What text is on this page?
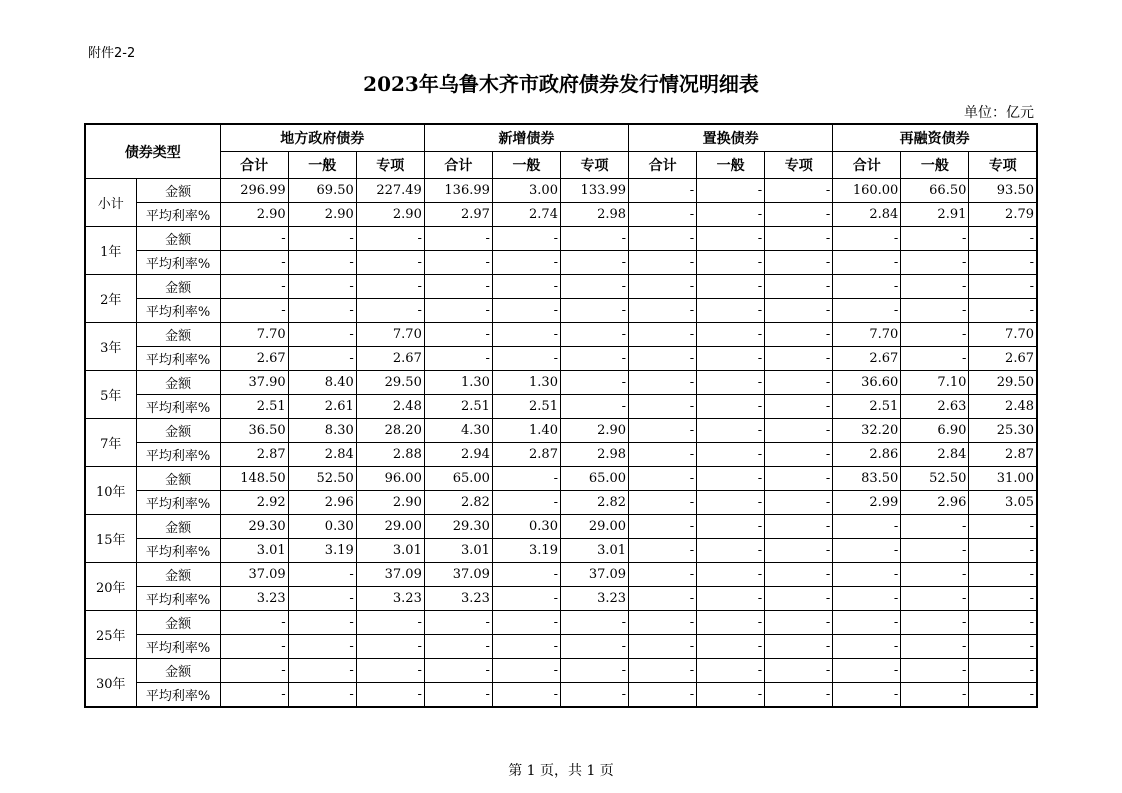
附件2-2
2023年乌鲁木齐市政府债券发行情况明细表
单位：亿元
债券类型		地方政府债券			新增债券			置换债券			再融资债券		
		合计	一般	专项	合计	一般	专项	合计	一般	专项	合计	一般	专项
小计	金额	296.99	69.50	227.49	136.99	3.00	133.99	-	-	-	160.00	66.50	93.50
	平均利率%	2.90	2.90	2.90	2.97	2.74	2.98	-	-	-	2.84	2.91	2.79
1年	金额	-	-	-	-	-	-	-	-	-	-	-	-
	平均利率%	-	-	-	-	-	-	-	-	-	-	-	-
2年	金额	-	-	-	-	-	-	-	-	-	-	-	-
	平均利率%	-	-	-	-	-	-	-	-	-	-	-	-
3年	金额	7.70	-	7.70	-	-	-	-	-	-	7.70	-	7.70
	平均利率%	2.67	-	2.67	-	-	-	-	-	-	2.67	-	2.67
5年	金额	37.90	8.40	29.50	1.30	1.30	-	-	-	-	36.60	7.10	29.50
	平均利率%	2.51	2.61	2.48	2.51	2.51	-	-	-	-	2.51	2.63	2.48
7年	金额	36.50	8.30	28.20	4.30	1.40	2.90	-	-	-	32.20	6.90	25.30
	平均利率%	2.87	2.84	2.88	2.94	2.87	2.98	-	-	-	2.86	2.84	2.87
10年	金额	148.50	52.50	96.00	65.00	-	65.00	-	-	-	83.50	52.50	31.00
	平均利率%	2.92	2.96	2.90	2.82	-	2.82	-	-	-	2.99	2.96	3.05
15年	金额	29.30	0.30	29.00	29.30	0.30	29.00	-	-	-	-	-	-
	平均利率%	3.01	3.19	3.01	3.01	3.19	3.01	-	-	-	-	-	-
20年	金额	37.09	-	37.09	37.09	-	37.09	-	-	-	-	-	-
	平均利率%	3.23	-	3.23	3.23	-	3.23	-	-	-	-	-	-
25年	金额	-	-	-	-	-	-	-	-	-	-	-	-
	平均利率%	-	-	-	-	-	-	-	-	-	-	-	-
30年	金额	-	-	-	-	-	-	-	-	-	-	-	-
	平均利率%	-	-	-	-	-	-	-	-	-	-	-	-
第 1 页，共 1 页
